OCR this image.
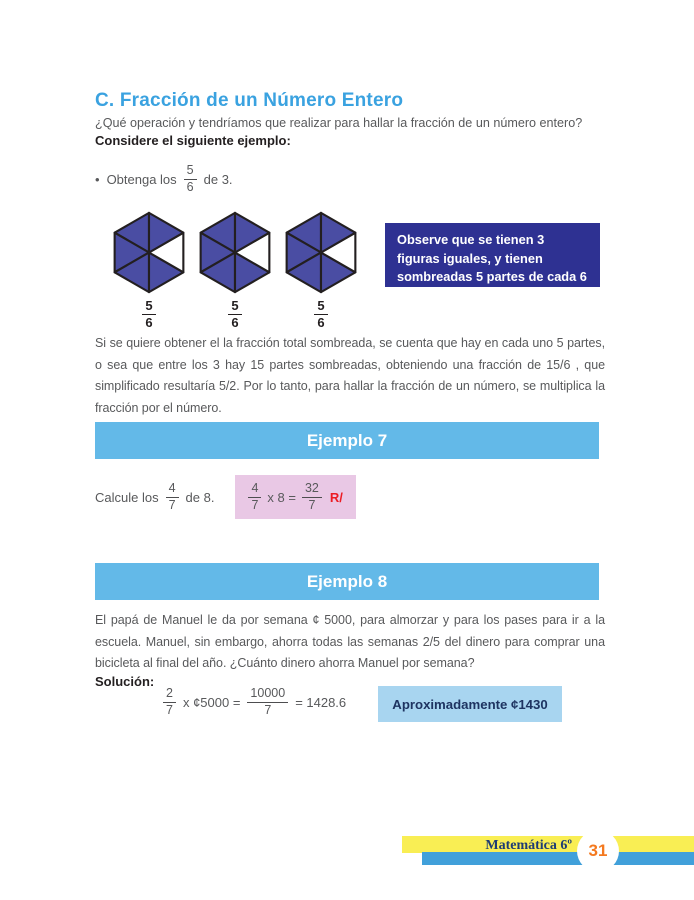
C. Fracción de un Número Entero

¿Qué operación y tendríamos que realizar para hallar la fracción de un número entero?

Considere el siguiente ejemplo:

• Obtenga los $\frac{5}{6}$ de 3.
$\frac{5}{6}$	$\frac{5}{6}$	$\frac{5}{6}$
Observe que se tienen 3 figuras iguales, y tienen sombreadas 5 partes de cada 6

Si se quiere obtener el la fracción total sombreada, se cuenta que hay en cada uno 5 partes, o sea que entre los 3 hay 15 partes sombreadas, obteniendo una fracción de 15/6 , que simplificado resultaría 5/2. Por lo tanto, para hallar la fracción de un número, se multiplica la fracción por el número.

Ejemplo 7
Calcule los $\frac{4}{7}$ de 8.	$\frac{4}{7}$ x $8 = \frac{32}{7} R/$
Ejemplo 8

El papá de Manuel le da por semana ¢ 5000, para almorzar y para los pases para ir a la escuela. Manuel, sin embargo, ahorra todas las semanas 2/5 del dinero para comprar una bicicleta al final del año. ¿Cuánto dinero ahorra Manuel por semana?

Solución:

$\frac{2}{7}$ x ¢5000 = $\frac{10000}{7} = 1428.6$	Aproximadamente ¢1430
Matemática 6º 31
